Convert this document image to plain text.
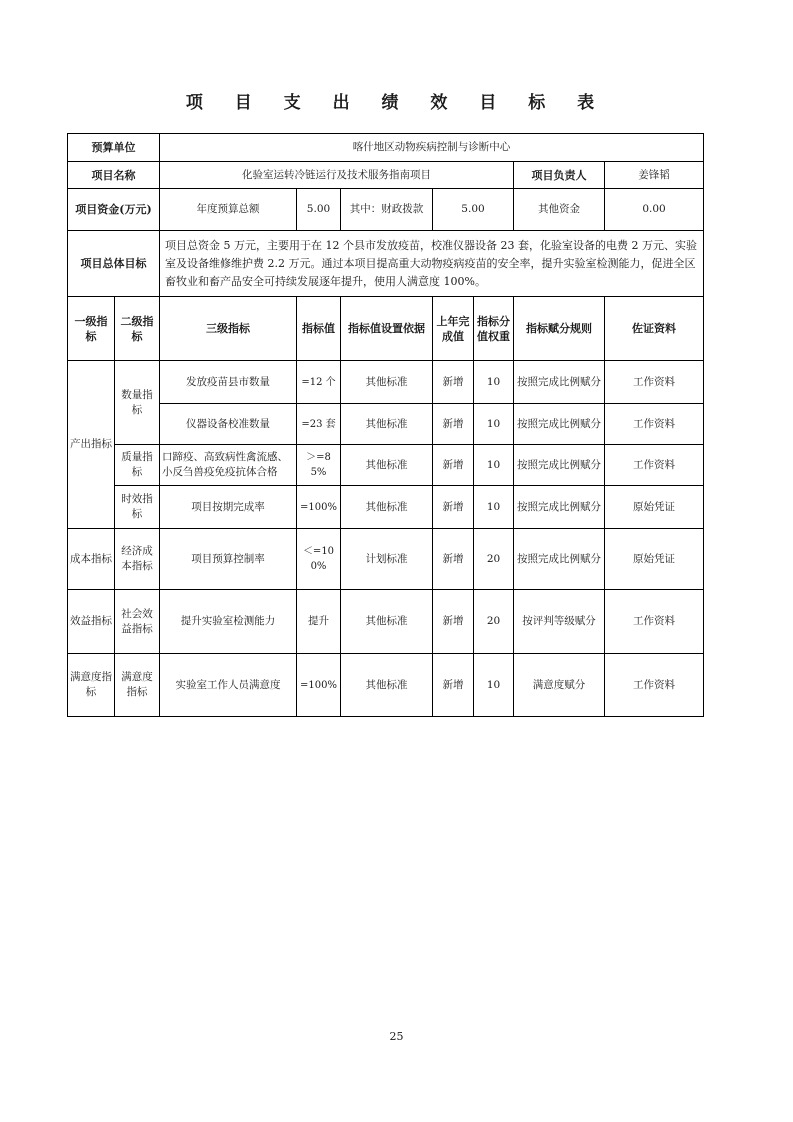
项 目 支 出 绩 效 目 标 表
预算单位		喀什地区动物疾病控制与诊断中心						
项目名称		化验室运转冷链运行及技术服务指南项目					项目负责人	姜锋韬
项目资金(万元)		年度预算总额	5.00	其中：财政拨款	5.00		其他资金	0.00
项目总体目标		项目总资金 5 万元，主要用于在 12 个县市发放疫苗，校准仪器设备 23 套，化验室设备的电费 2 万元、实验室及设备维修维护费 2.2 万元。通过本项目提高重大动物疫病疫苗的安全率，提升实验室检测能力，促进全区畜牧业和畜产品安全可持续发展逐年提升，使用人满意度 100%。						
一级指标	二级指标	三级指标	指标值	指标值设置依据	上年完成值	指标分值权重	指标赋分规则	佐证资料
产出指标	数量指标	发放疫苗县市数量	=12 个	其他标准	新增	10	按照完成比例赋分	工作资料
		仪器设备校准数量	=23 套	其他标准	新增	10	按照完成比例赋分	工作资料
	质量指标	口蹄疫、高致病性禽流感、小反刍兽疫免疫抗体合格	＞=85%	其他标准	新增	10	按照完成比例赋分	工作资料
	时效指标	项目按期完成率	=100%	其他标准	新增	10	按照完成比例赋分	原始凭证
成本指标	经济成本指标	项目预算控制率	＜=100%	计划标准	新增	20	按照完成比例赋分	原始凭证
效益指标	社会效益指标	提升实验室检测能力	提升	其他标准	新增	20	按评判等级赋分	工作资料
满意度指标	满意度指标	实验室工作人员满意度	=100%	其他标准	新增	10	满意度赋分	工作资料
25
